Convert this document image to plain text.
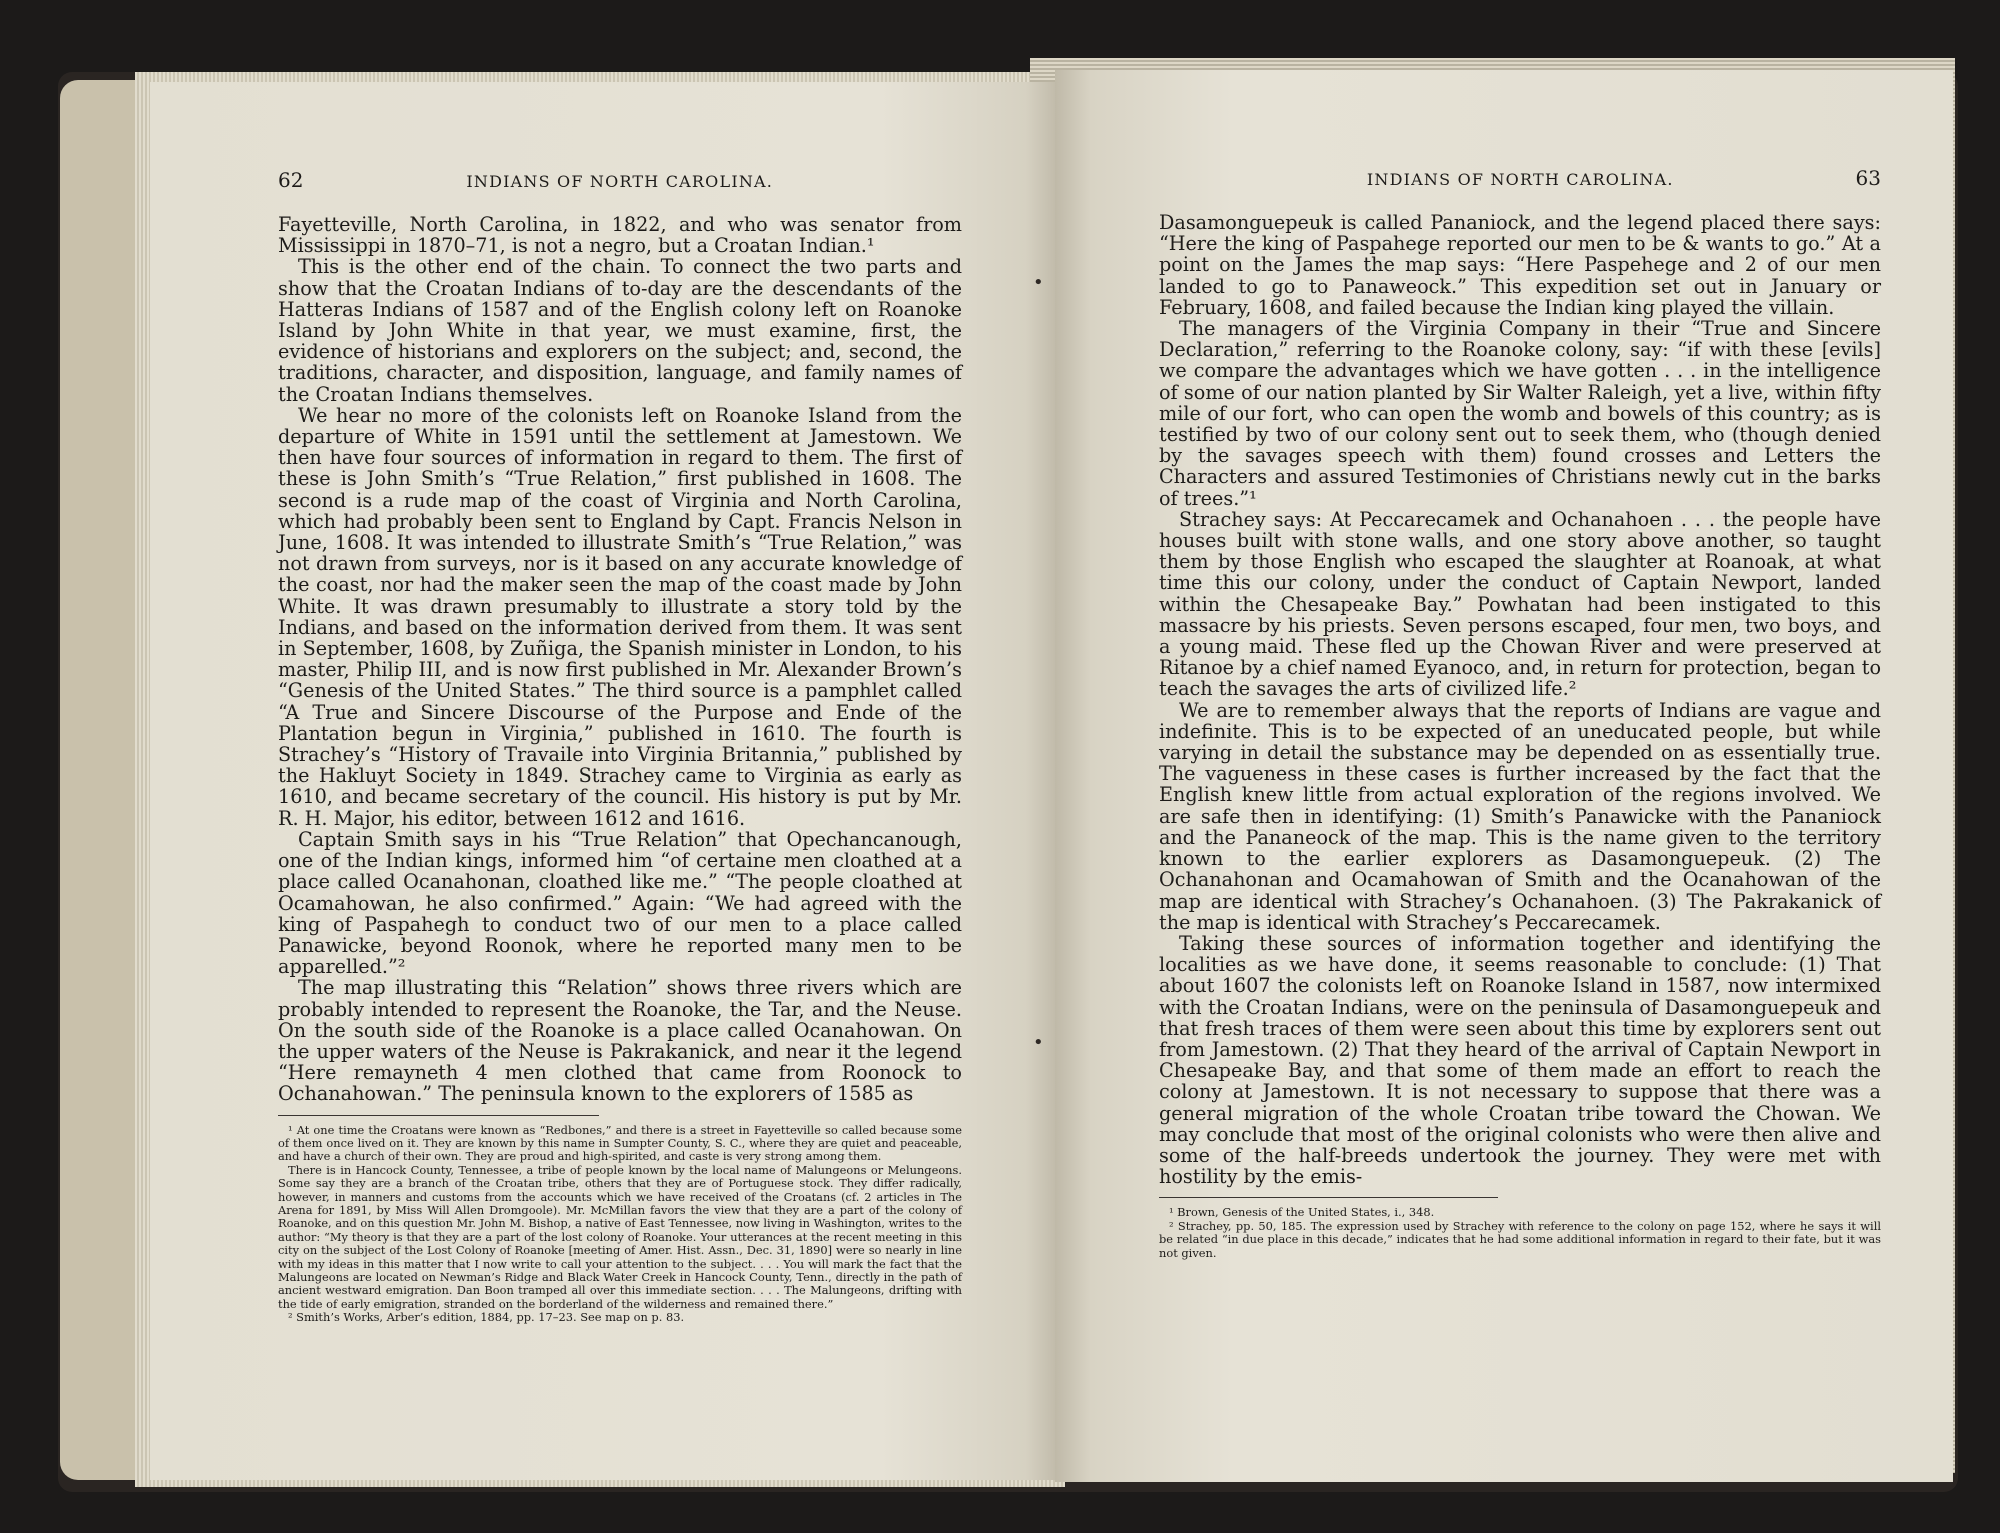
62	INDIANS OF NORTH CAROLINA.

Fayetteville, North Carolina, in 1822, and who was senator from Mississippi in 1870–71, is not a negro, but a Croatan Indian.¹

This is the other end of the chain. To connect the two parts and show that the Croatan Indians of to-day are the descendants of the Hatteras Indians of 1587 and of the English colony left on Roanoke Island by John White in that year, we must examine, first, the evidence of historians and explorers on the subject; and, second, the traditions, character, and disposition, language, and family names of the Croatan Indians themselves.

We hear no more of the colonists left on Roanoke Island from the departure of White in 1591 until the settlement at Jamestown. We then have four sources of information in regard to them. The first of these is John Smith’s “True Relation,” first published in 1608. The second is a rude map of the coast of Virginia and North Carolina, which had probably been sent to England by Capt. Francis Nelson in June, 1608. It was intended to illustrate Smith’s “True Relation,” was not drawn from surveys, nor is it based on any accurate knowledge of the coast, nor had the maker seen the map of the coast made by John White. It was drawn presumably to illustrate a story told by the Indians, and based on the information derived from them. It was sent in September, 1608, by Zuñiga, the Spanish minister in London, to his master, Philip III, and is now first published in Mr. Alexander Brown’s “Genesis of the United States.” The third source is a pamphlet called “A True and Sincere Discourse of the Purpose and Ende of the Plantation begun in Virginia,” published in 1610. The fourth is Strachey’s “History of Travaile into Virginia Britannia,” published by the Hakluyt Society in 1849. Strachey came to Virginia as early as 1610, and became secretary of the council. His history is put by Mr. R. H. Major, his editor, between 1612 and 1616.

Captain Smith says in his “True Relation” that Opechancanough, one of the Indian kings, informed him “of certaine men cloathed at a place called Ocanahonan, cloathed like me.” “The people cloathed at Ocamahowan, he also confirmed.” Again: “We had agreed with the king of Paspahegh to conduct two of our men to a place called Panawicke, beyond Roonok, where he reported many men to be apparelled.”²

The map illustrating this “Relation” shows three rivers which are probably intended to represent the Roanoke, the Tar, and the Neuse. On the south side of the Roanoke is a place called Ocanahowan. On the upper waters of the Neuse is Pakrakanick, and near it the legend “Here remayneth 4 men clothed that came from Roonock to Ochanahowan.” The peninsula known to the explorers of 1585 as

¹ At one time the Croatans were known as “Redbones,” and there is a street in Fayetteville so called because some of them once lived on it. They are known by this name in Sumpter County, S. C., where they are quiet and peaceable, and have a church of their own. They are proud and high-spirited, and caste is very strong among them.

There is in Hancock County, Tennessee, a tribe of people known by the local name of Malungeons or Melungeons. Some say they are a branch of the Croatan tribe, others that they are of Portuguese stock. They differ radically, however, in manners and customs from the accounts which we have received of the Croatans (cf. 2 articles in The Arena for 1891, by Miss Will Allen Dromgoole). Mr. McMillan favors the view that they are a part of the colony of Roanoke, and on this question Mr. John M. Bishop, a native of East Tennessee, now living in Washington, writes to the author: “My theory is that they are a part of the lost colony of Roanoke. Your utterances at the recent meeting in this city on the subject of the Lost Colony of Roanoke [meeting of Amer. Hist. Assn., Dec. 31, 1890] were so nearly in line with my ideas in this matter that I now write to call your attention to the subject. . . . You will mark the fact that the Malungeons are located on Newman’s Ridge and Black Water Creek in Hancock County, Tenn., directly in the path of ancient westward emigration. Dan Boon tramped all over this immediate section. . . . The Malungeons, drifting with the tide of early emigration, stranded on the borderland of the wilderness and remained there.”

² Smith’s Works, Arber’s edition, 1884, pp. 17–23. See map on p. 83.

INDIANS OF NORTH CAROLINA.	63

Dasamonguepeuk is called Pananiock, and the legend placed there says: “Here the king of Paspahege reported our men to be & wants to go.” At a point on the James the map says: “Here Paspehege and 2 of our men landed to go to Panaweock.” This expedition set out in January or February, 1608, and failed because the Indian king played the villain.

The managers of the Virginia Company in their “True and Sincere Declaration,” referring to the Roanoke colony, say: “if with these [evils] we compare the advantages which we have gotten . . . in the intelligence of some of our nation planted by Sir Walter Raleigh, yet a live, within fifty mile of our fort, who can open the womb and bowels of this country; as is testified by two of our colony sent out to seek them, who (though denied by the savages speech with them) found crosses and Letters the Characters and assured Testimonies of Christians newly cut in the barks of trees.”¹

Strachey says: At Peccarecamek and Ochanahoen . . . the people have houses built with stone walls, and one story above another, so taught them by those English who escaped the slaughter at Roanoak, at what time this our colony, under the conduct of Captain Newport, landed within the Chesapeake Bay.” Powhatan had been instigated to this massacre by his priests. Seven persons escaped, four men, two boys, and a young maid. These fled up the Chowan River and were preserved at Ritanoe by a chief named Eyanoco, and, in return for protection, began to teach the savages the arts of civilized life.²

We are to remember always that the reports of Indians are vague and indefinite. This is to be expected of an uneducated people, but while varying in detail the substance may be depended on as essentially true. The vagueness in these cases is further increased by the fact that the English knew little from actual exploration of the regions involved. We are safe then in identifying: (1) Smith’s Panawicke with the Pananiock and the Pananeock of the map. This is the name given to the territory known to the earlier explorers as Dasamonguepeuk. (2) The Ochanahonan and Ocamahowan of Smith and the Ocanahowan of the map are identical with Strachey’s Ochanahoen. (3) The Pakrakanick of the map is identical with Strachey’s Peccarecamek.

Taking these sources of information together and identifying the localities as we have done, it seems reasonable to conclude: (1) That about 1607 the colonists left on Roanoke Island in 1587, now intermixed with the Croatan Indians, were on the peninsula of Dasamonguepeuk and that fresh traces of them were seen about this time by explorers sent out from Jamestown. (2) That they heard of the arrival of Captain Newport in Chesapeake Bay, and that some of them made an effort to reach the colony at Jamestown. It is not necessary to suppose that there was a general migration of the whole Croatan tribe toward the Chowan. We may conclude that most of the original colonists who were then alive and some of the half-breeds undertook the journey. They were met with hostility by the emis-

¹ Brown, Genesis of the United States, i., 348.

² Strachey, pp. 50, 185. The expression used by Strachey with reference to the colony on page 152, where he says it will be related “in due place in this decade,” indicates that he had some additional information in regard to their fate, but it was not given.

•
•
